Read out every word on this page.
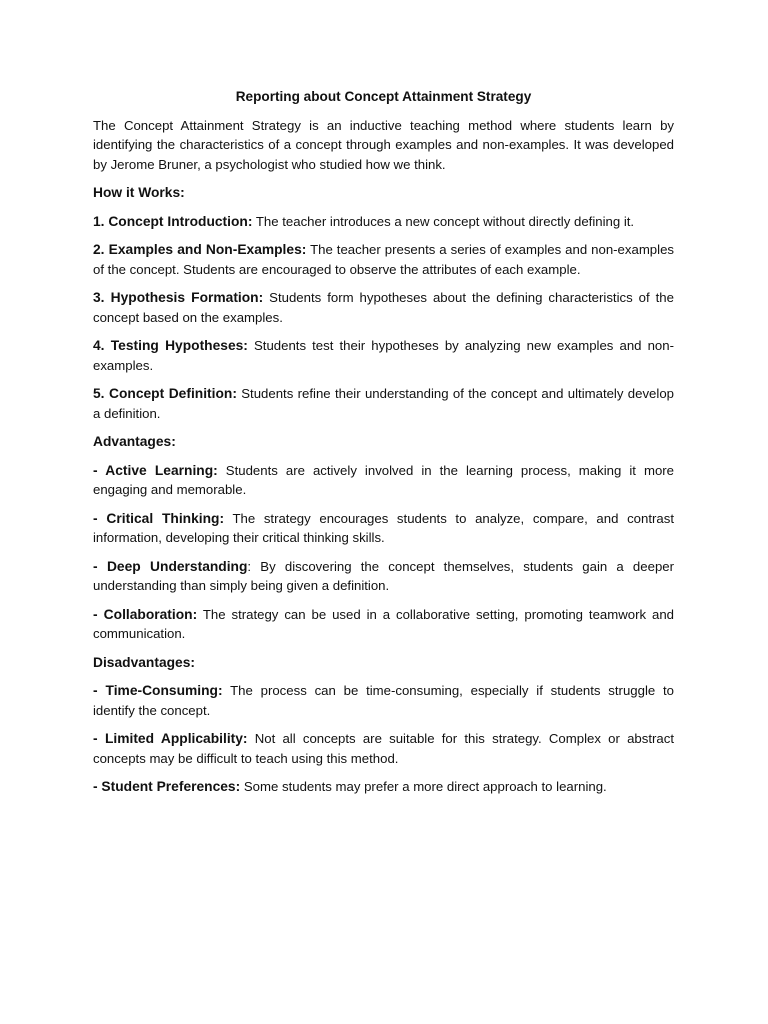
Reporting about Concept Attainment Strategy
The Concept Attainment Strategy is an inductive teaching method where students learn by identifying the characteristics of a concept through examples and non-examples. It was developed by Jerome Bruner, a psychologist who studied how we think.
How it Works:
1. Concept Introduction: The teacher introduces a new concept without directly defining it.
2. Examples and Non-Examples: The teacher presents a series of examples and non-examples of the concept. Students are encouraged to observe the attributes of each example.
3. Hypothesis Formation: Students form hypotheses about the defining characteristics of the concept based on the examples.
4. Testing Hypotheses: Students test their hypotheses by analyzing new examples and non-examples.
5. Concept Definition: Students refine their understanding of the concept and ultimately develop a definition.
Advantages:
- Active Learning: Students are actively involved in the learning process, making it more engaging and memorable.
- Critical Thinking: The strategy encourages students to analyze, compare, and contrast information, developing their critical thinking skills.
- Deep Understanding: By discovering the concept themselves, students gain a deeper understanding than simply being given a definition.
- Collaboration: The strategy can be used in a collaborative setting, promoting teamwork and communication.
Disadvantages:
- Time-Consuming: The process can be time-consuming, especially if students struggle to identify the concept.
- Limited Applicability: Not all concepts are suitable for this strategy. Complex or abstract concepts may be difficult to teach using this method.
- Student Preferences: Some students may prefer a more direct approach to learning.
